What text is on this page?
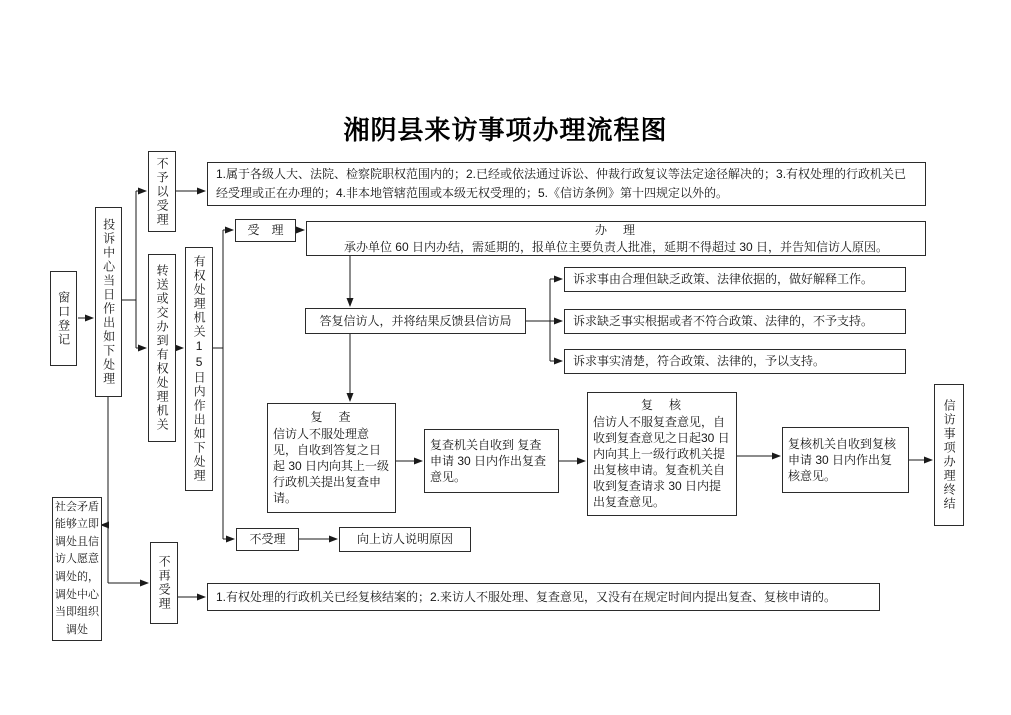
湘阴县来访事项办理流程图
窗口登记	投诉中心当日作出如下处理
不予以受理
转送或交办到有权处理机关
不再受理
社会矛盾能够立即调处且信访人愿意调处的，调处中心当即组织调处
1.属于各级人大、法院、检察院职权范围内的；2.已经或依法通过诉讼、仲裁行政复议等法定途径解决的；3.有权处理的行政机关已经受理或正在办理的；4.非本地管辖范围或本级无权受理的；5.《信访条例》第十四规定以外的。
有权处理机关15日内作出如下处理
受　理	办　理
承办单位 60 日内办结，需延期的，报单位主要负责人批准，延期不得超过 30 日，并告知信访人原因。
答复信访人，并将结果反馈县信访局
诉求事由合理但缺乏政策、法律依据的，做好解释工作。
诉求缺乏事实根据或者不符合政策、法律的，不予支持。
诉求事实清楚，符合政策、法律的，予以支持。
复　查
信访人不服处理意见，自收到答复之日起 30 日内向其上一级行政机关提出复查申请。
复查机关自收到 复查申请 30 日内作出复查意见。
复　核
信访人不服复查意见，自收到复查意见之日起30 日内向其上一级行政机关提出复核申请。复查机关自收到复查请求 30 日内提出复查意见。
复核机关自收到复核申请 30 日内作出复核意见。	信访事项办理终结
不受理	向上访人说明原因
1.有权处理的行政机关已经复核结案的；2.来访人不服处理、复查意见，又没有在规定时间内提出复查、复核申请的。
